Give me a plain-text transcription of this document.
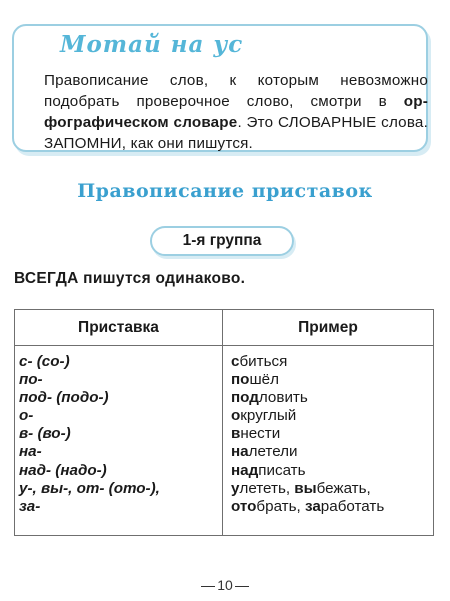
Мотай на ус
Правописание слов, к которым невозможно подобрать проверочное слово, смотри в ор-фографическом словаре. Это СЛОВАРНЫЕ слова. ЗАПОМНИ, как они пишутся.
Правописание приставок
1-я группа
ВСЕГДА пишутся одинаково.
Приставка	Пример
с- (со-)
по-
под- (подо-)
о-
в- (во-)
на-
над- (надо-)
у-, вы-, от- (ото-),
за-
сбиться
пошёл
подловить
округлый
внести
налетели
надписать
улететь, выбежать,
отобрать, заработать
10
